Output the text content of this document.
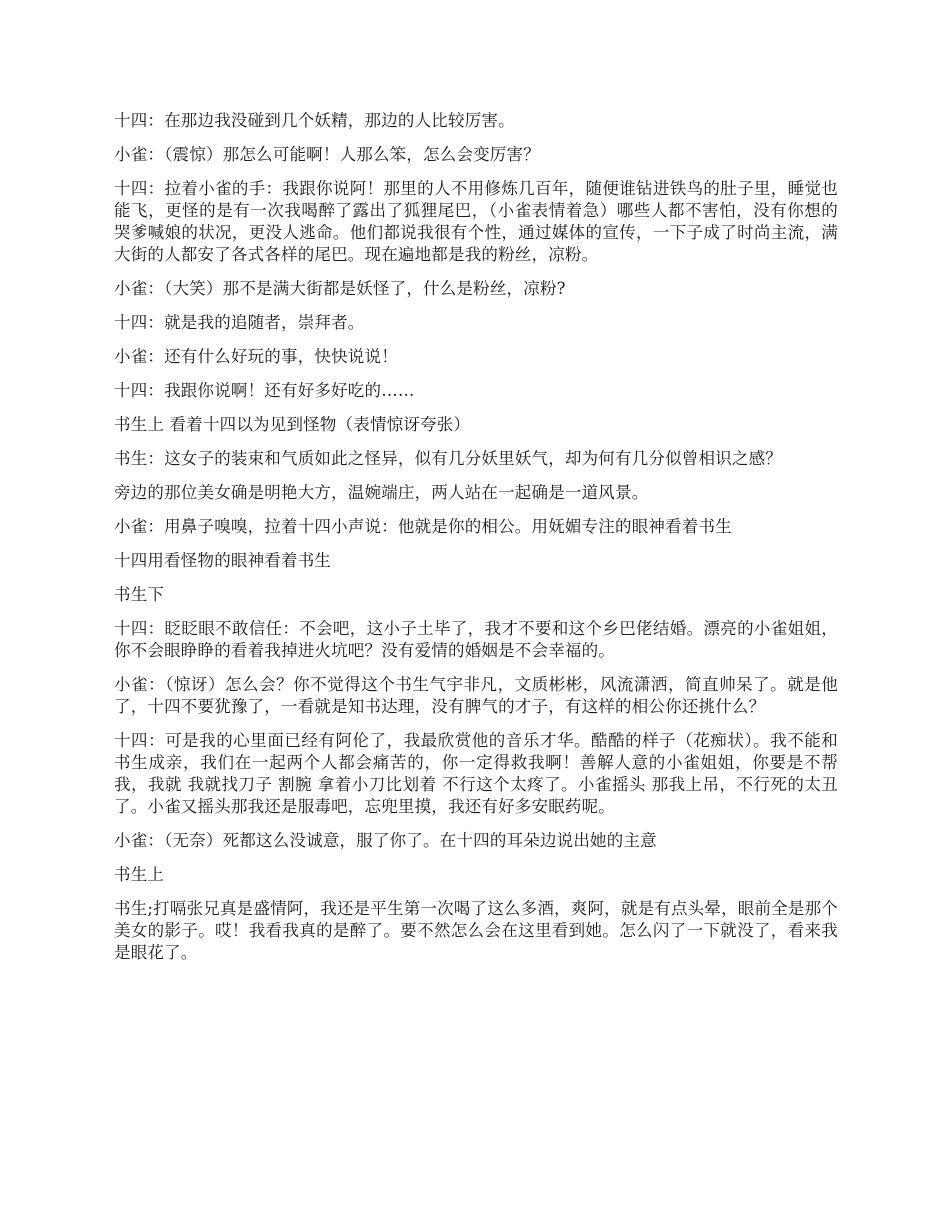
十四：在那边我没碰到几个妖精，那边的人比较厉害。

小雀：（震惊）那怎么可能啊！人那么笨，怎么会变厉害？

十四：拉着小雀的手：我跟你说阿！那里的人不用修炼几百年，随便谁钻进铁鸟的肚子里，睡觉也能飞，更怪的是有一次我喝醉了露出了狐狸尾巴，（小雀表情着急）哪些人都不害怕，没有你想的哭爹喊娘的状况，更没人逃命。他们都说我很有个性，通过媒体的宣传，一下子成了时尚主流，满大街的人都安了各式各样的尾巴。现在遍地都是我的粉丝，凉粉。

小雀：（大笑）那不是满大街都是妖怪了，什么是粉丝，凉粉?

十四：就是我的追随者，崇拜者。

小雀：还有什么好玩的事，快快说说！

十四：我跟你说啊！还有好多好吃的……

书生上 看着十四以为见到怪物（表情惊讶夸张）

书生：这女子的装束和气质如此之怪异，似有几分妖里妖气，却为何有几分似曾相识之感？

旁边的那位美女确是明艳大方，温婉端庄，两人站在一起确是一道风景。

小雀：用鼻子嗅嗅，拉着十四小声说：他就是你的相公。用妩媚专注的眼神看着书生

十四用看怪物的眼神看着书生

书生下

十四：眨眨眼不敢信任：不会吧，这小子土毕了，我才不要和这个乡巴佬结婚。漂亮的小雀姐姐，你不会眼睁睁的看着我掉进火坑吧？没有爱情的婚姻是不会幸福的。

小雀：（惊讶）怎么会？你不觉得这个书生气宇非凡，文质彬彬，风流潇洒，简直帅呆了。就是他了，十四不要犹豫了，一看就是知书达理，没有脾气的才子，有这样的相公你还挑什么？

十四：可是我的心里面已经有阿伦了，我最欣赏他的音乐才华。酷酷的样子（花痴状）。我不能和书生成亲，我们在一起两个人都会痛苦的，你一定得救我啊！善解人意的小雀姐姐，你要是不帮我，我就 我就找刀子 割腕 拿着小刀比划着 不行这个太疼了。小雀摇头 那我上吊，不行死的太丑了。小雀又摇头那我还是服毒吧，忘兜里摸，我还有好多安眠药呢。

小雀：（无奈）死都这么没诚意，服了你了。在十四的耳朵边说出她的主意

书生上

书生;打嗝张兄真是盛情阿，我还是平生第一次喝了这么多酒，爽阿，就是有点头晕，眼前全是那个美女的影子。哎！我看我真的是醉了。要不然怎么会在这里看到她。怎么闪了一下就没了，看来我是眼花了。
